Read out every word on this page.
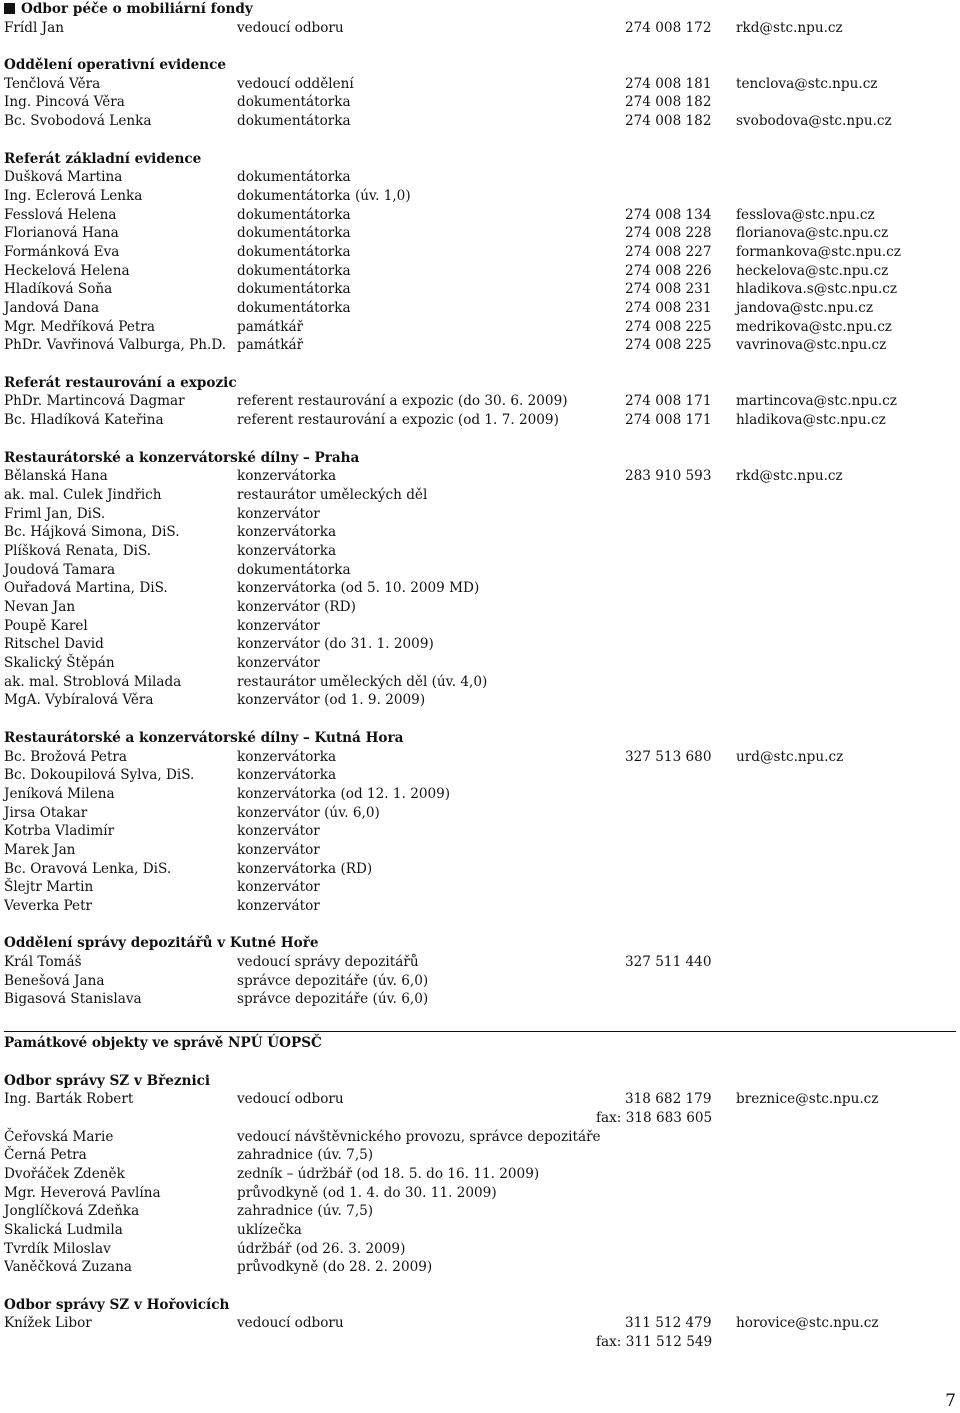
Odbor péče o mobiliární fondy
Frídl Jan	vedoucí odboru	274 008 172 rkd@stc.npu.cz
Oddělení operativní evidence
Tenčlová Věra	vedoucí oddělení	274 008 181 tenclova@stc.npu.cz
Ing. Pincová Věra	dokumentátorka	274 008 182
Bc. Svobodová Lenka	dokumentátorka	274 008 182 svobodova@stc.npu.cz
Referát základní evidence
Dušková Martina	dokumentátorka
Ing. Eclerová Lenka	dokumentátorka (úv. 1,0)
Fesslová Helena	dokumentátorka	274 008 134 fesslova@stc.npu.cz
Florianová Hana	dokumentátorka	274 008 228 florianova@stc.npu.cz
Formánková Eva	dokumentátorka	274 008 227 formankova@stc.npu.cz
Heckelová Helena	dokumentátorka	274 008 226 heckelova@stc.npu.cz
Hladíková Soňa	dokumentátorka	274 008 231 hladikova.s@stc.npu.cz
Jandová Dana	dokumentátorka	274 008 231 jandova@stc.npu.cz
Mgr. Medříková Petra	památkář	274 008 225 medrikova@stc.npu.cz
PhDr. Vavřinová Valburga, Ph.D. památkář	274 008 225 vavrinova@stc.npu.cz
Referát restaurování a expozic
PhDr. Martincová Dagmar	referent restaurování a expozic (do 30. 6. 2009)	274 008 171 martincova@stc.npu.cz
Bc. Hladíková Kateřina	referent restaurování a expozic (od 1. 7. 2009)	274 008 171 hladikova@stc.npu.cz
Restaurátorské a konzervátorské dílny – Praha
Bělanská Hana	konzervátorka	283 910 593 rkd@stc.npu.cz
ak. mal. Culek Jindřich	restaurátor uměleckých děl
Friml Jan, DiS.	konzervátor
Bc. Hájková Simona, DiS.	konzervátorka
Plíšková Renata, DiS.	konzervátorka
Joudová Tamara	dokumentátorka
Ouřadová Martina, DiS.	konzervátorka (od 5. 10. 2009 MD)
Nevan Jan	konzervátor (RD)
Poupě Karel	konzervátor
Ritschel David	konzervátor (do 31. 1. 2009)
Skalický Štěpán	konzervátor
ak. mal. Stroblová Milada	restaurátor uměleckých děl (úv. 4,0)
MgA. Vybíralová Věra	konzervátor (od 1. 9. 2009)
Restaurátorské a konzervátorské dílny – Kutná Hora
Bc. Brožová Petra	konzervátorka	327 513 680 urd@stc.npu.cz
Bc. Dokoupilová Sylva, DiS.	konzervátorka
Jeníková Milena	konzervátorka (od 12. 1. 2009)
Jirsa Otakar	konzervátor (úv. 6,0)
Kotrba Vladimír	konzervátor
Marek Jan	konzervátor
Bc. Oravová Lenka, DiS.	konzervátorka (RD)
Šlejtr Martin	konzervátor
Veverka Petr	konzervátor
Oddělení správy depozitářů v Kutné Hoře
Král Tomáš	vedoucí správy depozitářů	327 511 440
Benešová Jana	správce depozitáře (úv. 6,0)
Bigasová Stanislava	správce depozitáře (úv. 6,0)
Památkové objekty ve správě NPÚ ÚOPSČ
Odbor správy SZ v Březnici
Ing. Barták Robert	vedoucí odboru	318 682 179 breznice@stc.npu.cz
fax: 318 683 605
Čeřovská Marie	vedoucí návštěvnického provozu, správce depozitáře
Černá Petra	zahradnice (úv. 7,5)
Dvořáček Zdeněk	zedník – údržbář (od 18. 5. do 16. 11. 2009)
Mgr. Heverová Pavlína	průvodkyně (od 1. 4. do 30. 11. 2009)
Jonglíčková Zdeňka	zahradnice (úv. 7,5)
Skalická Ludmila	uklízečka
Tvrdík Miloslav	údržbář (od 26. 3. 2009)
Vaněčková Zuzana	průvodkyně (do 28. 2. 2009)
Odbor správy SZ v Hořovicích
Knížek Libor	vedoucí odboru	311 512 479 horovice@stc.npu.cz
fax: 311 512 549
7
